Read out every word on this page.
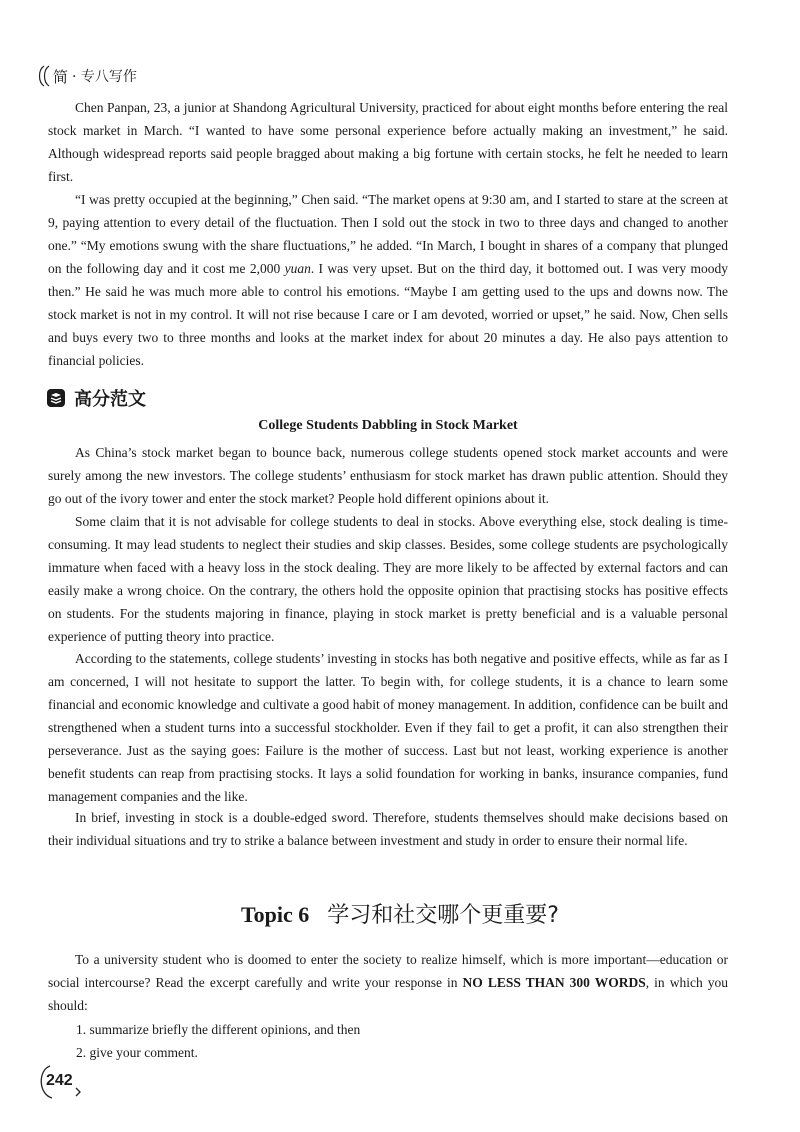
简 · 专八写作

Chen Panpan, 23, a junior at Shandong Agricultural University, practiced for about eight months before entering the real stock market in March. “I wanted to have some personal experience before actually making an investment,” he said. Although widespread reports said people bragged about making a big fortune with certain stocks, he felt he needed to learn first.

“I was pretty occupied at the beginning,” Chen said. “The market opens at 9:30 am, and I started to stare at the screen at 9, paying attention to every detail of the fluctuation. Then I sold out the stock in two to three days and changed to another one.” “My emotions swung with the share fluctuations,” he added. “In March, I bought in shares of a company that plunged on the following day and it cost me 2,000 yuan. I was very upset. But on the third day, it bottomed out. I was very moody then.” He said he was much more able to control his emotions. “Maybe I am getting used to the ups and downs now. The stock market is not in my control. It will not rise because I care or I am devoted, worried or upset,” he said. Now, Chen sells and buys every two to three months and looks at the market index for about 20 minutes a day. He also pays attention to financial policies.

高分范文
College Students Dabbling in Stock Market

As China’s stock market began to bounce back, numerous college students opened stock market accounts and were surely among the new investors. The college students’ enthusiasm for stock market has drawn public attention. Should they go out of the ivory tower and enter the stock market? People hold different opinions about it.

Some claim that it is not advisable for college students to deal in stocks. Above everything else, stock dealing is time-consuming. It may lead students to neglect their studies and skip classes. Besides, some college students are psychologically immature when faced with a heavy loss in the stock dealing. They are more likely to be affected by external factors and can easily make a wrong choice. On the contrary, the others hold the opposite opinion that practising stocks has positive effects on students. For the students majoring in finance, playing in stock market is pretty beneficial and is a valuable personal experience of putting theory into practice.

According to the statements, college students’ investing in stocks has both negative and positive effects, while as far as I am concerned, I will not hesitate to support the latter. To begin with, for college students, it is a chance to learn some financial and economic knowledge and cultivate a good habit of money management. In addition, confidence can be built and strengthened when a student turns into a successful stockholder. Even if they fail to get a profit, it can also strengthen their perseverance. Just as the saying goes: Failure is the mother of success. Last but not least, working experience is another benefit students can reap from practising stocks. It lays a solid foundation for working in banks, insurance companies, fund management companies and the like.

In brief, investing in stock is a double-edged sword. Therefore, students themselves should make decisions based on their individual situations and try to strike a balance between investment and study in order to ensure their normal life.

Topic 6 学习和社交哪个更重要?

To a university student who is doomed to enter the society to realize himself, which is more important—education or social intercourse? Read the excerpt carefully and write your response in NO LESS THAN 300 WORDS, in which you should:

1. summarize briefly the different opinions, and then
2. give your comment.
242
